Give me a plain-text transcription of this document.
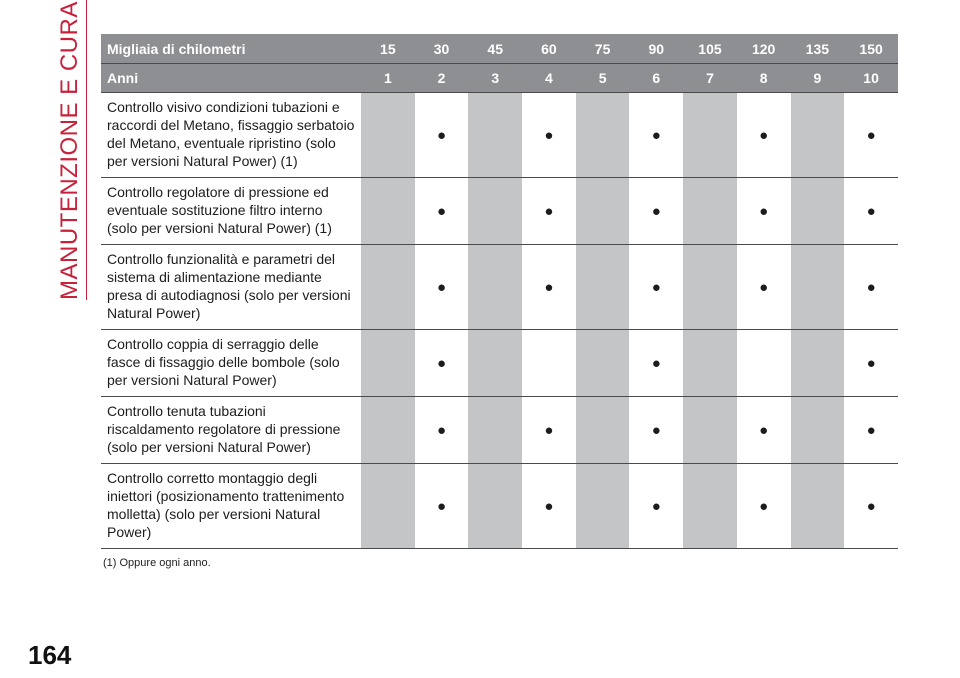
MANUTENZIONE E CURA	Migliaia di chilometri	15	30	45	60	75	90	105	120	135	150
Anni	1	2	3	4	5	6	7	8	9	10
Controllo visivo condizioni tubazioni e raccordi del Metano, fissaggio serbatoio del Metano, eventuale ripristino (solo per versioni Natural Power) (1)		●		●		●		●		●
Controllo regolatore di pressione ed eventuale sostituzione filtro interno (solo per versioni Natural Power) (1)		●		●		●		●		●
Controllo funzionalità e parametri del sistema di alimentazione mediante presa di autodiagnosi (solo per versioni Natural Power)		●		●		●		●		●
Controllo coppia di serraggio delle fasce di fissaggio delle bombole (solo per versioni Natural Power)		●				●				●
Controllo tenuta tubazioni riscaldamento regolatore di pressione (solo per versioni Natural Power)		●		●		●		●		●
Controllo corretto montaggio degli iniettori (posizionamento trattenimento molletta) (solo per versioni Natural Power)		●		●		●		●		●
(1) Oppure ogni anno.
164
